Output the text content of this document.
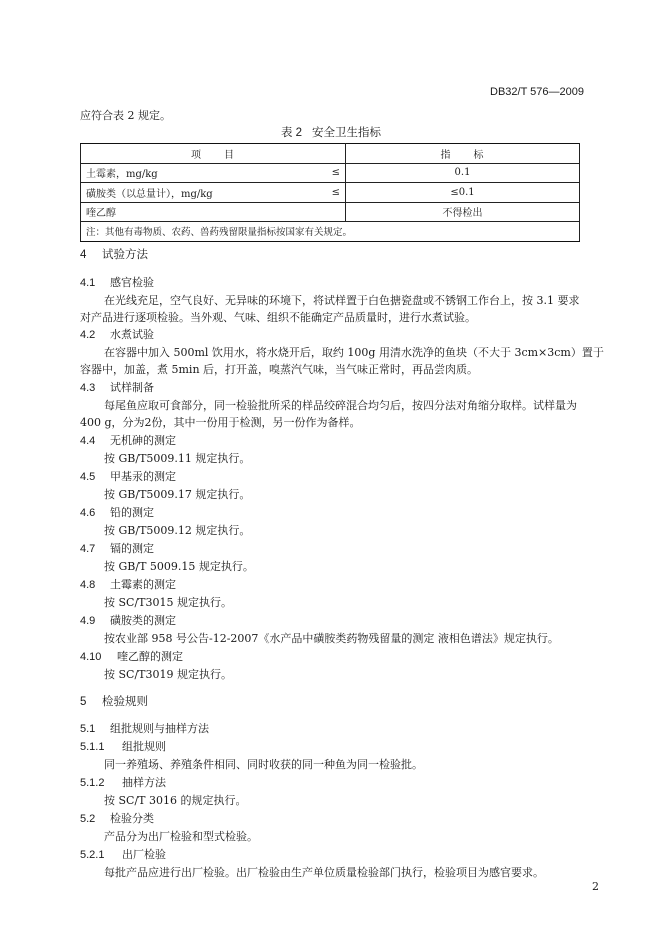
DB32/T 576—2009
应符合表 2 规定。
表 2 安全卫生指标
项　　目		指　　标
土霉素，mg/kg	≤	0.1
磺胺类（以总量计），mg/kg	≤	≤0.1
喹乙醇		不得检出
注：其他有毒物质、农药、兽药残留限量指标按国家有关规定。		
4 试验方法
4.1 感官检验
在光线充足，空气良好、无异味的环境下，将试样置于白色搪瓷盘或不锈钢工作台上，按 3.1 要求
对产品进行逐项检验。当外观、气味、组织不能确定产品质量时，进行水煮试验。
4.2 水煮试验
在容器中加入 500ml 饮用水，将水烧开后，取约 100g 用清水洗净的鱼块（不大于 3cm×3cm）置于
容器中，加盖，煮 5min 后，打开盖，嗅蒸汽气味，当气味正常时，再品尝肉质。
4.3 试样制备
每尾鱼应取可食部分，同一检验批所采的样品绞碎混合均匀后，按四分法对角缩分取样。试样量为
400 g，分为2份，其中一份用于检测，另一份作为备样。
4.4 无机砷的测定
按 GB/T5009.11 规定执行。
4.5 甲基汞的测定
按 GB/T5009.17 规定执行。
4.6 铅的测定
按 GB/T5009.12 规定执行。
4.7 镉的测定
按 GB/T 5009.15 规定执行。
4.8 土霉素的测定
按 SC/T3015 规定执行。
4.9 磺胺类的测定
按农业部 958 号公告-12-2007《水产品中磺胺类药物残留量的测定 液相色谱法》规定执行。
4.10 喹乙醇的测定
按 SC/T3019 规定执行。
5 检验规则
5.1 组批规则与抽样方法
5.1.1 组批规则
同一养殖场、养殖条件相同、同时收获的同一种鱼为同一检验批。
5.1.2 抽样方法
按 SC/T 3016 的规定执行。
5.2 检验分类
产品分为出厂检验和型式检验。
5.2.1 出厂检验
每批产品应进行出厂检验。出厂检验由生产单位质量检验部门执行，检验项目为感官要求。
2
